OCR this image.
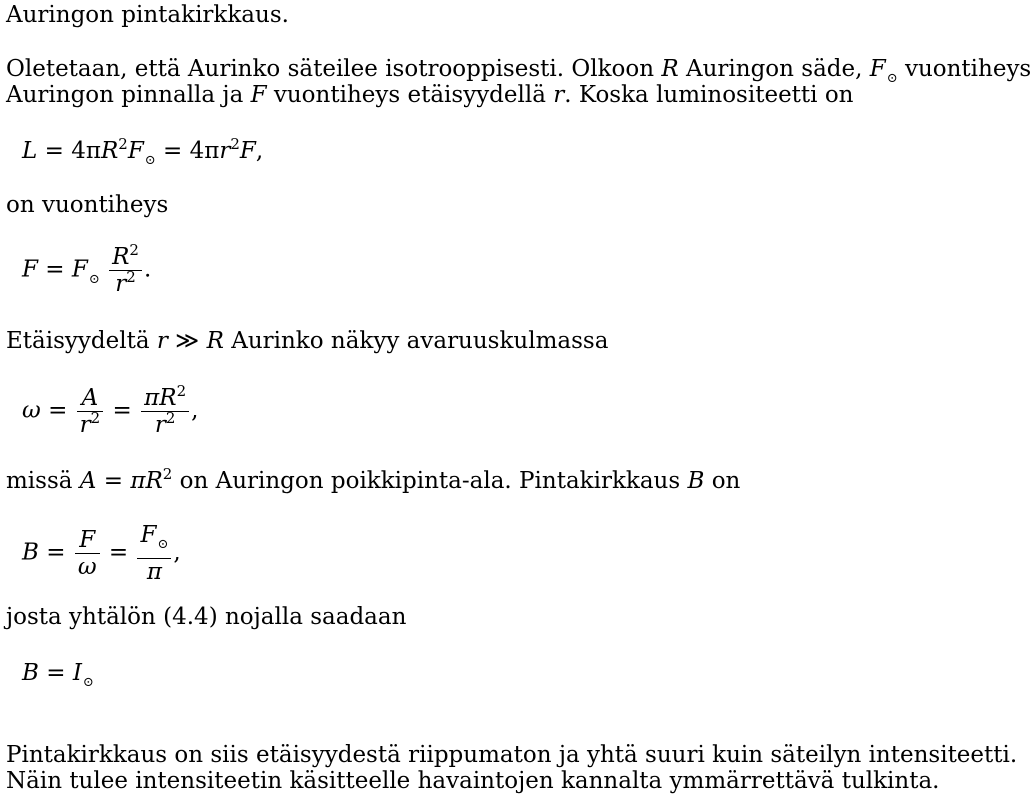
Auringon pintakirkkaus.
Oletetaan, että Aurinko säteilee isotrooppisesti. Olkoon R Auringon säde, $F_⊙$ vuontiheys
Auringon pinnalla ja F vuontiheys etäisyydellä r. Koska luminositeetti on
$L = 4\pi R^2F_⊙ = 4\pi r^2F$,
on vuontiheys
$F = F_⊙ \frac{R^2}{r^2}$ .
Etäisyydeltä r ≫ R Aurinko näkyy avaruuskulmassa
$\omega = \frac{A}{r^2} = \frac{\pi R^2}{r^2}$ ,
missä $A = \pi R^2$ on Auringon poikkipinta-ala. Pintakirkkaus B on
$B = \frac{F}{\omega} = \frac{F_⊙}{\pi}$ ,
josta yhtälön (4.4) nojalla saadaan
$B = I_⊙$
Pintakirkkaus on siis etäisyydestä riippumaton ja yhtä suuri kuin säteilyn intensiteetti.
Näin tulee intensiteetin käsitteelle havaintojen kannalta ymmärrettävä tulkinta.
